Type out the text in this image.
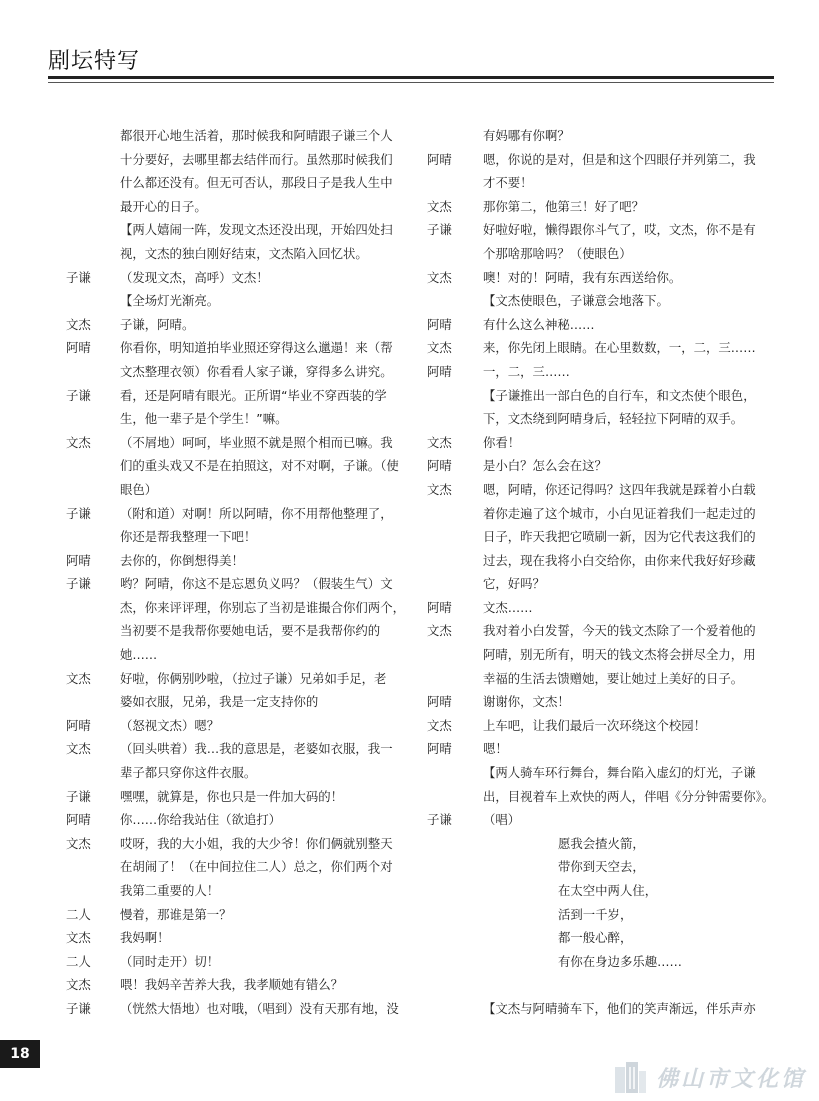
剧坛特写
都很开心地生活着，那时候我和阿晴跟子谦三个人
十分要好，去哪里都去结伴而行。虽然那时候我们
什么都还没有。但无可否认，那段日子是我人生中
最开心的日子。
【两人嬉闹一阵，发现文杰还没出现，开始四处扫
视，文杰的独白刚好结束，文杰陷入回忆状。
子谦 （发现文杰，高呼）文杰！
【全场灯光渐亮。
文杰 子谦，阿晴。
阿晴 你看你，明知道拍毕业照还穿得这么邋遢！来（帮
文杰整理衣领）你看看人家子谦，穿得多么讲究。
子谦 看，还是阿晴有眼光。正所谓“毕业不穿西装的学
生，他一辈子是个学生！”嘛。
文杰 （不屑地）呵呵，毕业照不就是照个相而已嘛。我
们的重头戏又不是在拍照这，对不对啊，子谦。（使
眼色）
子谦 （附和道）对啊！所以阿晴，你不用帮他整理了，
你还是帮我整理一下吧！
阿晴 去你的，你倒想得美！
子谦 哟？阿晴，你这不是忘恩负义吗？（假装生气）文
杰，你来评评理，你别忘了当初是谁撮合你们两个，
当初要不是我帮你要她电话，要不是我帮你约的
她……
文杰 好啦，你俩别吵啦，（拉过子谦）兄弟如手足，老
婆如衣服，兄弟，我是一定支持你的
阿晴 （怒视文杰）嗯？
文杰 （回头哄着）我…我的意思是，老婆如衣服，我一
辈子都只穿你这件衣服。
子谦 嘿嘿，就算是，你也只是一件加大码的！
阿晴 你……你给我站住（欲追打）
文杰 哎呀，我的大小姐，我的大少爷！你们俩就别整天
在胡闹了！（在中间拉住二人）总之，你们两个对
我第二重要的人！
二人 慢着，那谁是第一？
文杰 我妈啊！
二人 （同时走开）切！
文杰 喂！我妈辛苦养大我，我孝顺她有错么？
子谦 （恍然大悟地）也对哦，（唱到）没有天那有地，没
有妈哪有你啊？
阿晴	嗯，你说的是对，但是和这个四眼仔并列第二，我
才不要！
文杰	那你第二，他第三！好了吧？
子谦	好啦好啦，懒得跟你斗气了，哎，文杰，你不是有
个那啥那啥吗？（使眼色）
文杰	噢！对的！阿晴，我有东西送给你。
【文杰使眼色，子谦意会地落下。
阿晴	有什么这么神秘……
文杰	来，你先闭上眼睛。在心里数数，一，二，三……
阿晴	一，二，三……
【子谦推出一部白色的自行车，和文杰使个眼色，
下，文杰绕到阿晴身后，轻轻拉下阿晴的双手。
文杰	你看！
阿晴	是小白？怎么会在这？
文杰	嗯，阿晴，你还记得吗？这四年我就是踩着小白载
着你走遍了这个城市，小白见证着我们一起走过的
日子，昨天我把它喷刷一新，因为它代表这我们的
过去，现在我将小白交给你，由你来代我好好珍藏
它，好吗？
阿晴	文杰……
文杰	我对着小白发誓，今天的钱文杰除了一个爱着他的
阿晴，别无所有，明天的钱文杰将会拼尽全力，用
幸福的生活去馈赠她，要让她过上美好的日子。
阿晴	谢谢你，文杰！
文杰	上车吧，让我们最后一次环绕这个校园！
阿晴	嗯！
【两人骑车环行舞台，舞台陷入虚幻的灯光，子谦
出，目视着车上欢快的两人，伴唱《分分钟需要你》。
子谦	（唱）
愿我会揸火箭，
带你到天空去，
在太空中两人住，
活到一千岁，
都一般心醉，
有你在身边多乐趣……
【文杰与阿晴骑车下，他们的笑声渐远，伴乐声亦
18
佛山市文化馆
